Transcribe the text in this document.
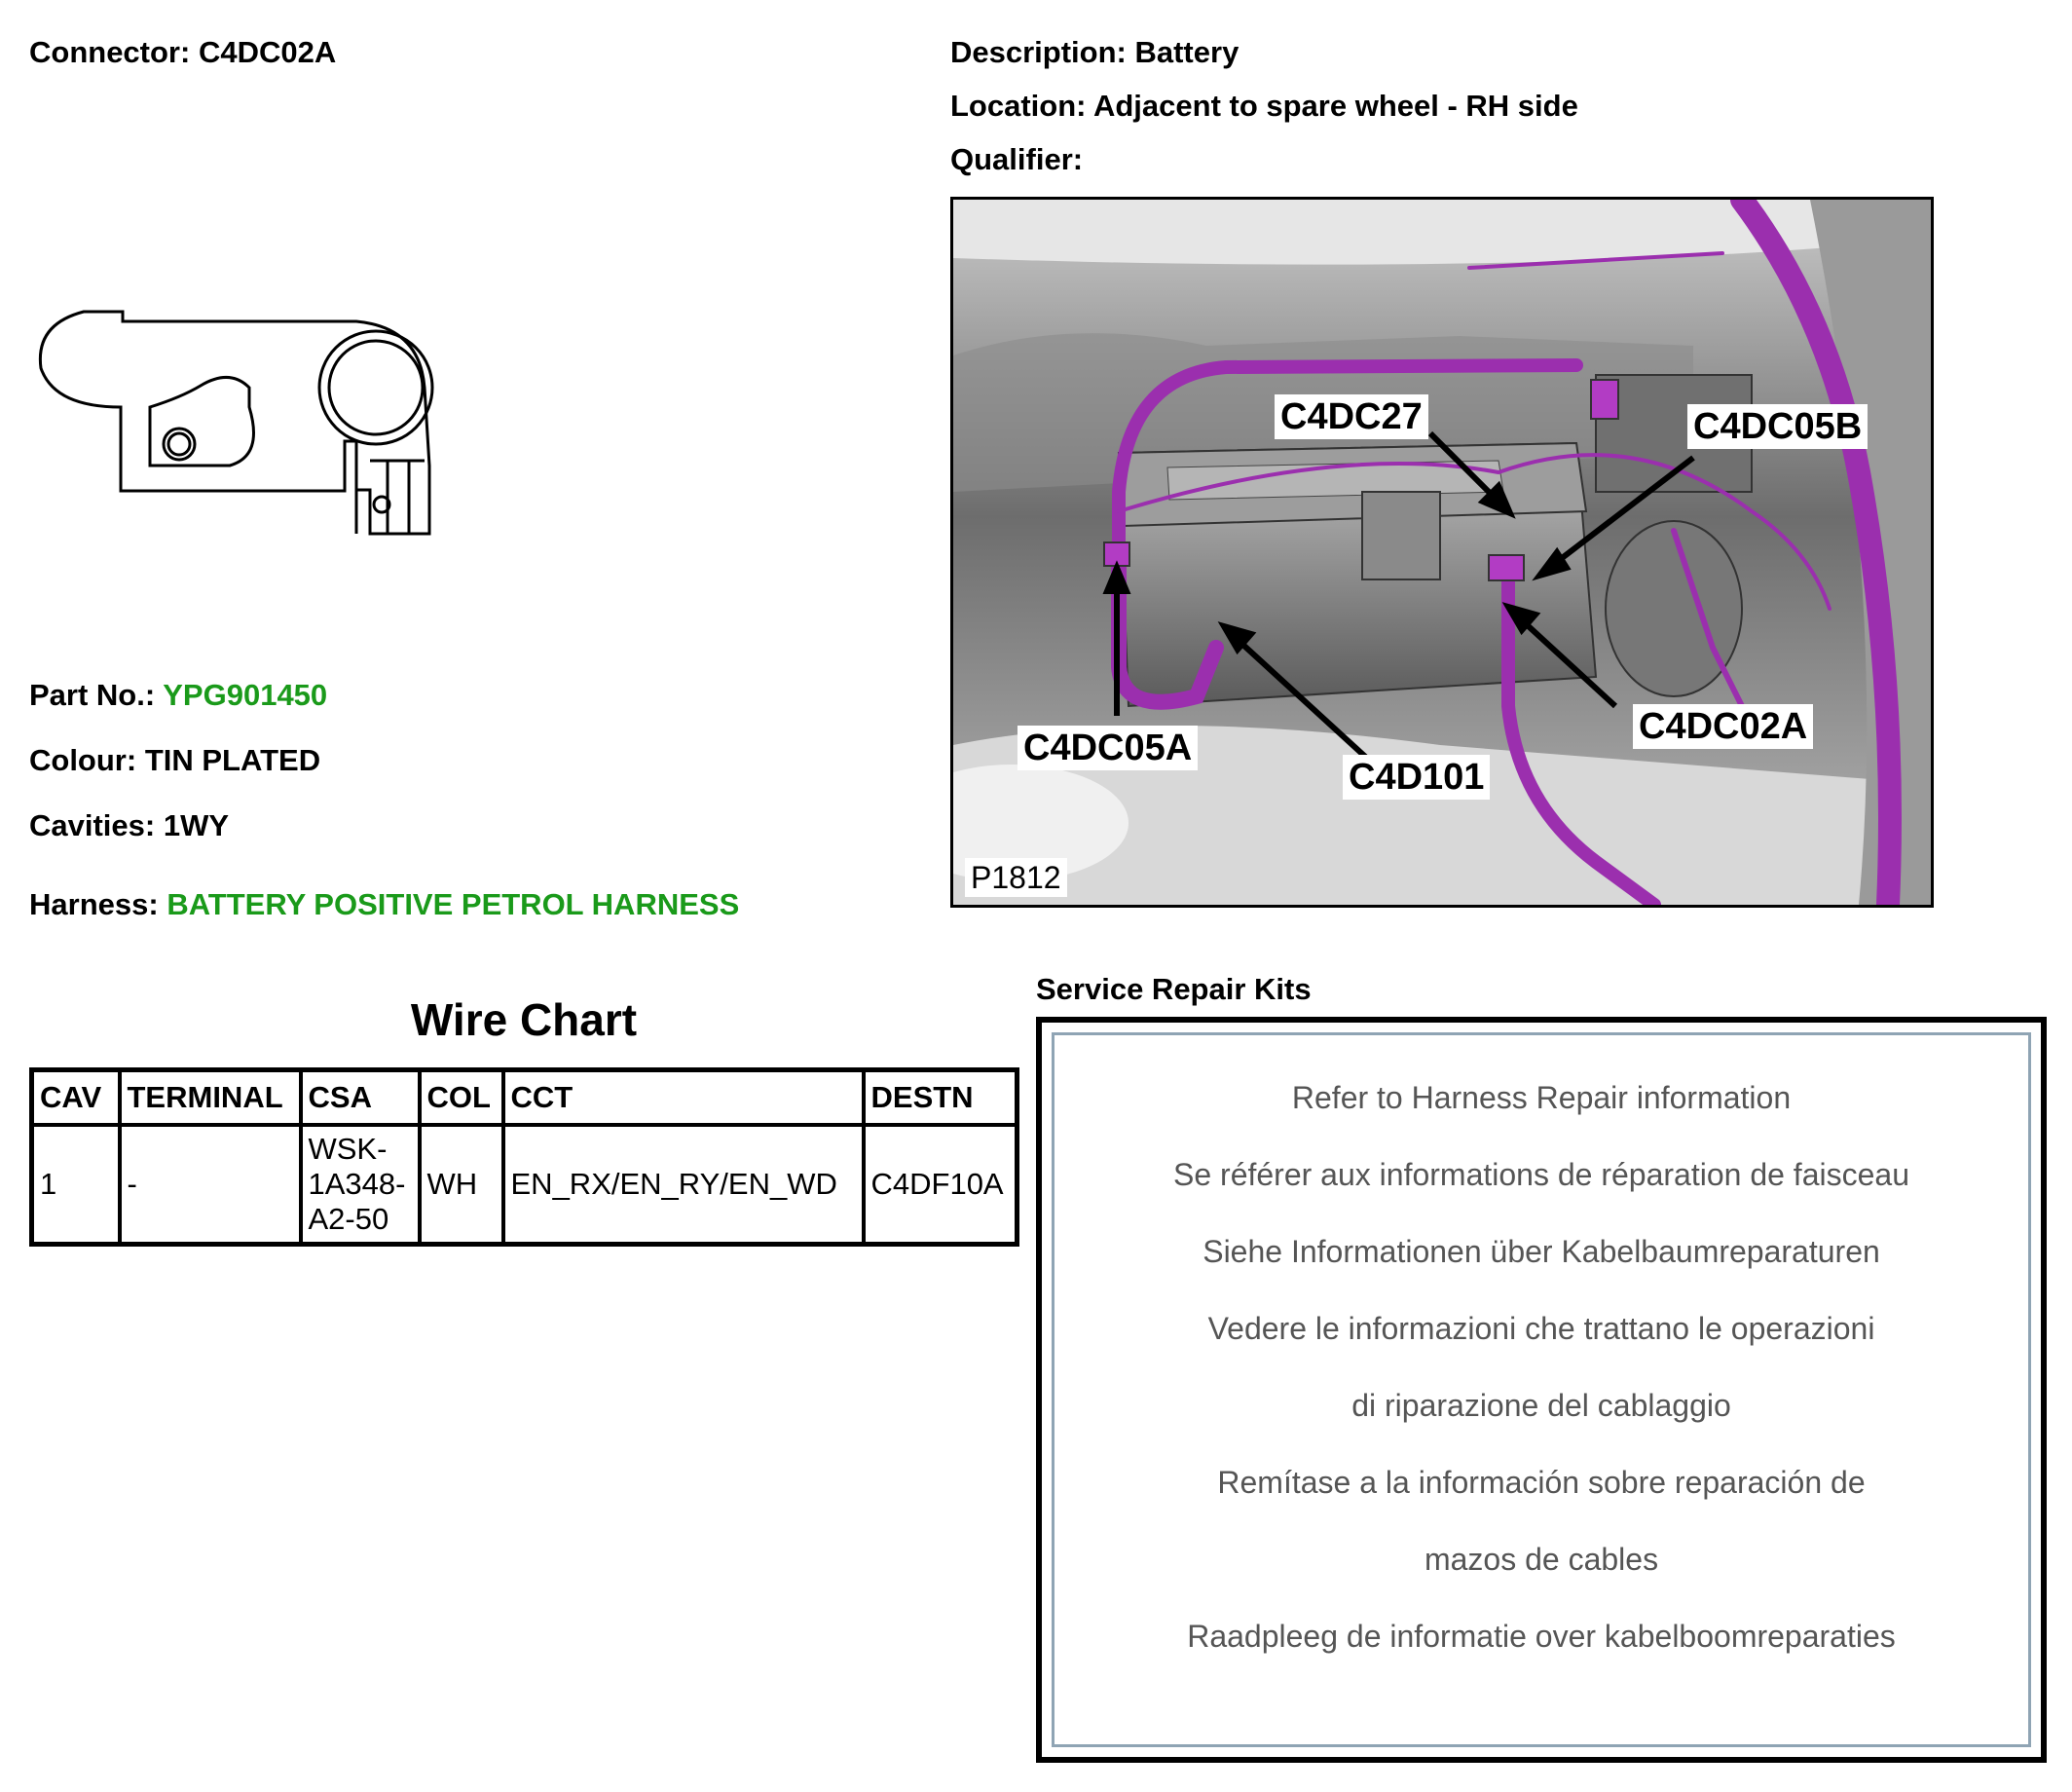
Connector: C4DC02A	Description: Battery
Location: Adjacent to spare wheel - RH side
Qualifier:
Part No.: YPG901450
Colour: TIN PLATED
Cavities: 1WY
Harness: BATTERY POSITIVE PETROL HARNESS
C4DC27	C4DC05B
C4DC02A
C4DC05A
C4D101
P1812
Wire Chart
CAV	TERMINAL	CSA	COL	CCT	DESTN
1	-	WSK-
1A348-
A2-50	WH	EN_RX/EN_RY/EN_WD	C4DF10A
Service Repair Kits
Refer to Harness Repair information
Se référer aux informations de réparation de faisceau
Siehe Informationen über Kabelbaumreparaturen
Vedere le informazioni che trattano le operazioni
di riparazione del cablaggio
Remítase a la información sobre reparación de
mazos de cables
Raadpleeg de informatie over kabelboomreparaties
